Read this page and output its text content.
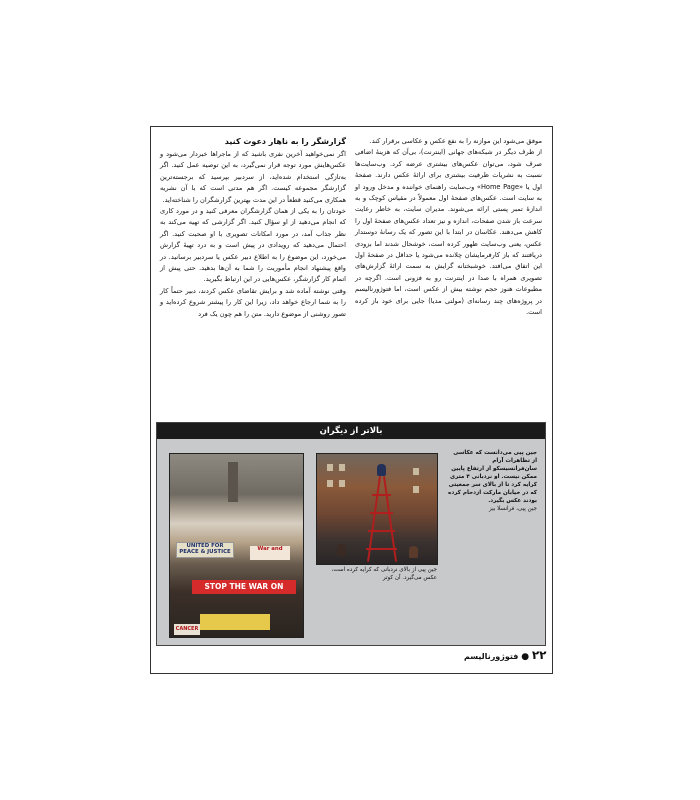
موفق می‌شود این موازنه را به نفع عکس و عکاسی برقرار کند.

از طرف دیگر در شبکه‌های جهانی (اینترنت)، بی‌آن که هزینهٔ اضافی صرف شود، می‌توان عکس‌های بیشتری عرضه کرد. وب‌سایت‌ها نسبت به نشریات ظرفیت بیشتری برای ارائهٔ عکس دارند. صفحهٔ اول یا «Home Page» وب‌سایت راهنمای خواننده و مدخل ورود او به سایت است. عکس‌های صفحهٔ اول معمولاً در مقیاس کوچک و به اندازهٔ تمبر پستی ارائه می‌شوند. مدیران سایت، به خاطر رعایت سرعت باز شدن صفحات، اندازه و نیز تعداد عکس‌های صفحهٔ اول را کاهش می‌دهند. عکاسان در ابتدا با این تصور که یک رسانهٔ دوستدار عکس، یعنی وب‌سایت ظهور کرده است، خوشحال شدند اما بزودی دریافتند که باز کارفرمایشان چلانده می‌شود یا حداقل در صفحهٔ اول این اتفاق می‌افتد. خوشبختانه گرایش به سمت ارائهٔ گزارش‌های تصویری همراه با صدا در اینترنت رو به فزونی است. اگرچه در مطبوعات هنوز حجم نوشته بیش از عکس است، اما فتوژورنالیسم در پروژه‌های چند رسانه‌ای (مولتی مدیا) جایی برای خود باز کرده است.

گزارشگر را به ناهار دعوت کنید

اگر نمی‌خواهید آخرین نفری باشید که از ماجراها خبردار می‌شود و عکس‌هایش مورد توجه قرار نمی‌گیرد، به این توصیه عمل کنید. اگر به‌تازگی استخدام شده‌اید، از سردبیر بپرسید که برجسته‌ترین گزارشگر مجموعه کیست. اگر هم مدتی است که با آن نشریه همکاری می‌کنید قطعاً در این مدت بهترین گزارشگران را شناخته‌اید.

خودتان را به یکی از همان گزارشگران معرفی کنید و در مورد کاری که انجام می‌دهید از او سؤال کنید. اگر گزارشی که تهیه می‌کند به نظر جذاب آمد، در مورد امکانات تصویری با او صحبت کنید. اگر احتمال می‌دهید که رویدادی در پیش است و به درد تهیهٔ گزارش می‌خورد، این موضوع را به اطلاع دبیر عکس یا سردبیر برسانید. در واقع پیشنهاد انجام مأموریت را شما به آن‌ها بدهید. حتی پیش از اتمام کار گزارشگر، عکس‌هایی در این ارتباط بگیرید.

وقتی نوشته آماده شد و برایش تقاضای عکس کردند، دبیر حتماً کار را به شما ارجاع خواهد داد، زیرا این کار را پیشتر شروع کرده‌اید و تصور روشنی از موضوع دارید. متن را هم چون یک فرد

بالاتر از دیگران
UNITED FOR PEACE & JUSTICE	War and
STOP THE WAR ON
CANCER
جین پیی از بالای نردبانی که کرایه کرده است، عکس می‌گیرد. آن کوتر
جین پیی می‌دانست که عکاسی از تظاهرات آرام سان‌فرانسیسکو از ارتفاع پایین ممکن نیست. او نردبانی ۴ متری کرایه کرد تا از بالای سر جمعیتی که در خیابان مارکت ازدحام کرده بودند عکس بگیرد.
جین پیی، فرانسلا بیز
۲۲ ● فتوژورنالیسم
